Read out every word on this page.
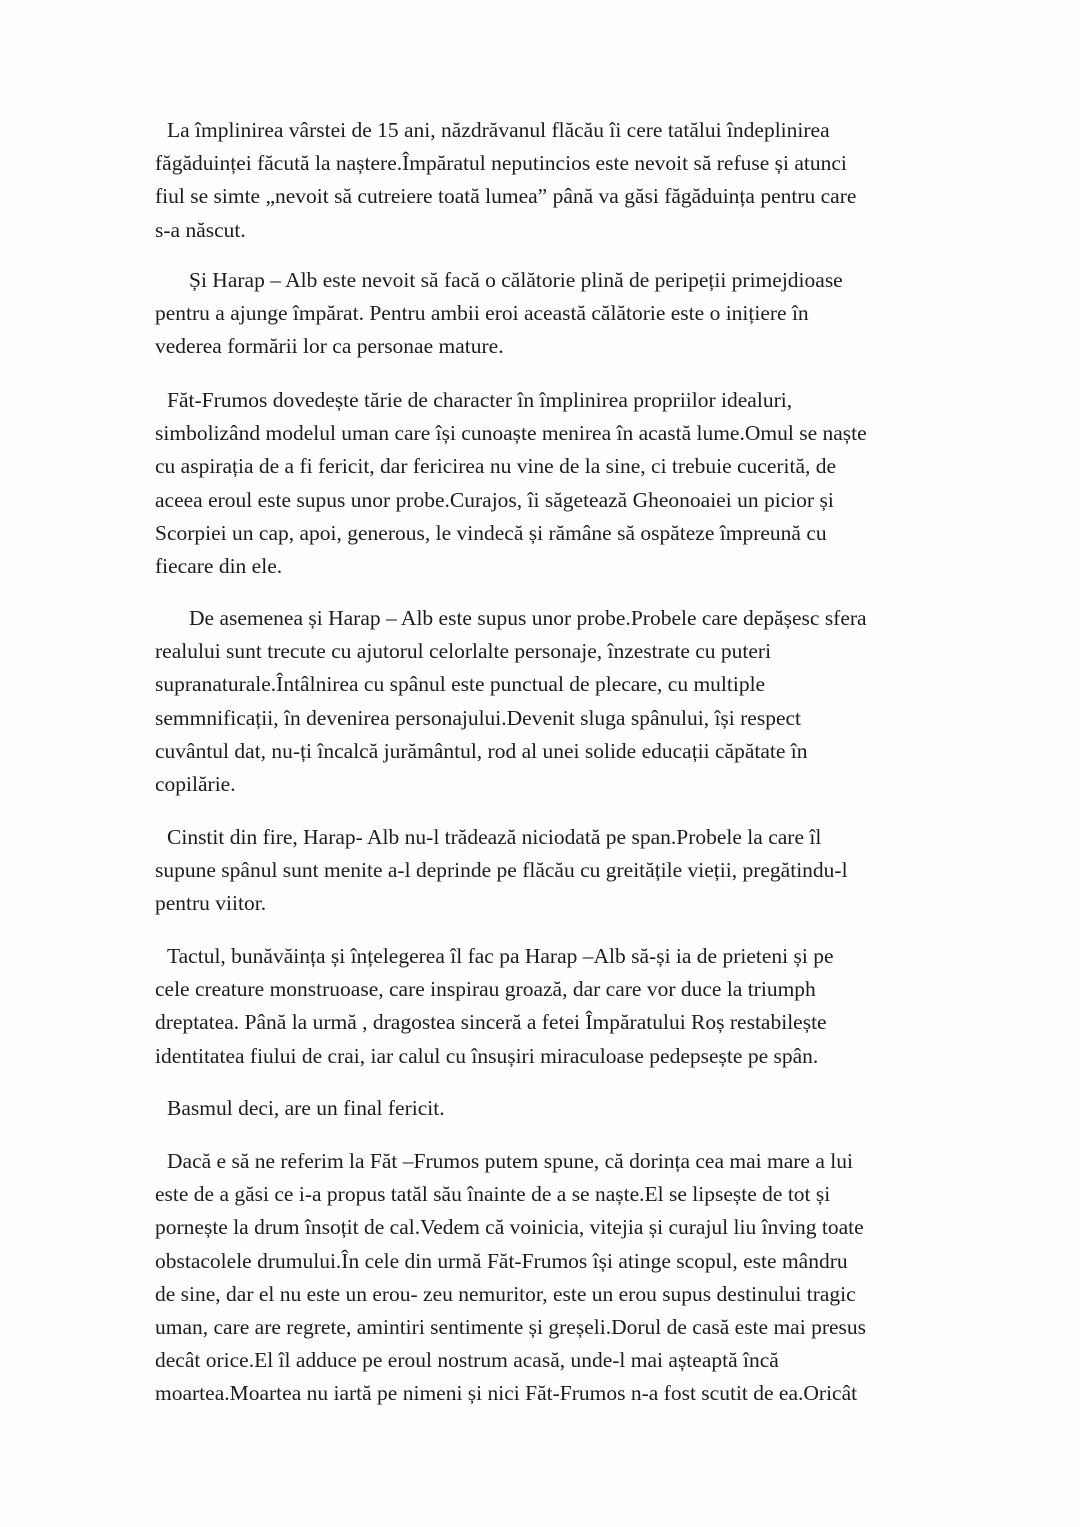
La împlinirea vârstei de 15 ani, năzdrăvanul flăcău îi cere tatălui îndeplinirea
făgăduinței făcută la naștere.Împăratul neputincios este nevoit să refuse și atunci
fiul se simte „nevoit să cutreiere toată lumea” până va găsi făgăduința pentru care
s-a născut.
Și Harap – Alb este nevoit să facă o călătorie plină de peripeții primejdioase
pentru a ajunge împărat. Pentru ambii eroi această călătorie este o inițiere în
vederea formării lor ca personae mature.
Făt-Frumos dovedește tărie de character în împlinirea propriilor idealuri,
simbolizând modelul uman care își cunoaște menirea în acastă lume.Omul se naște
cu aspirația de a fi fericit, dar fericirea nu vine de la sine, ci trebuie cucerită, de
aceea eroul este supus unor probe.Curajos, îi săgetează Gheonoaiei un picior și
Scorpiei un cap, apoi, generous, le vindecă și rămâne să ospăteze împreună cu
fiecare din ele.
De asemenea și Harap – Alb este supus unor probe.Probele care depășesc sfera
realului sunt trecute cu ajutorul celorlalte personaje, înzestrate cu puteri
supranaturale.Întâlnirea cu spânul este punctual de plecare, cu multiple
semmnificații, în devenirea personajului.Devenit sluga spânului, își respect
cuvântul dat, nu-ți încalcă jurământul, rod al unei solide educații căpătate în
copilărie.
Cinstit din fire, Harap- Alb nu-l trădează niciodată pe span.Probele la care îl
supune spânul sunt menite a-l deprinde pe flăcău cu greitățile vieții, pregătindu-l
pentru viitor.
Tactul, bunăvăința și înțelegerea îl fac pa Harap –Alb să-și ia de prieteni și pe
cele creature monstruoase, care inspirau groază, dar care vor duce la triumph
dreptatea. Până la urmă , dragostea sinceră a fetei Împăratului Roș restabilește
identitatea fiului de crai, iar calul cu însușiri miraculoase pedepsește pe spân.
Basmul deci, are un final fericit.
Dacă e să ne referim la Făt –Frumos putem spune, că dorința cea mai mare a lui
este de a găsi ce i-a propus tatăl său înainte de a se naște.El se lipsește de tot și
pornește la drum însoțit de cal.Vedem că voinicia, vitejia și curajul liu înving toate
obstacolele drumului.În cele din urmă Făt-Frumos își atinge scopul, este mândru
de sine, dar el nu este un erou- zeu nemuritor, este un erou supus destinului tragic
uman, care are regrete, amintiri sentimente și greșeli.Dorul de casă este mai presus
decât orice.El îl adduce pe eroul nostrum acasă, unde-l mai așteaptă încă
moartea.Moartea nu iartă pe nimeni și nici Făt-Frumos n-a fost scutit de ea.Oricât
